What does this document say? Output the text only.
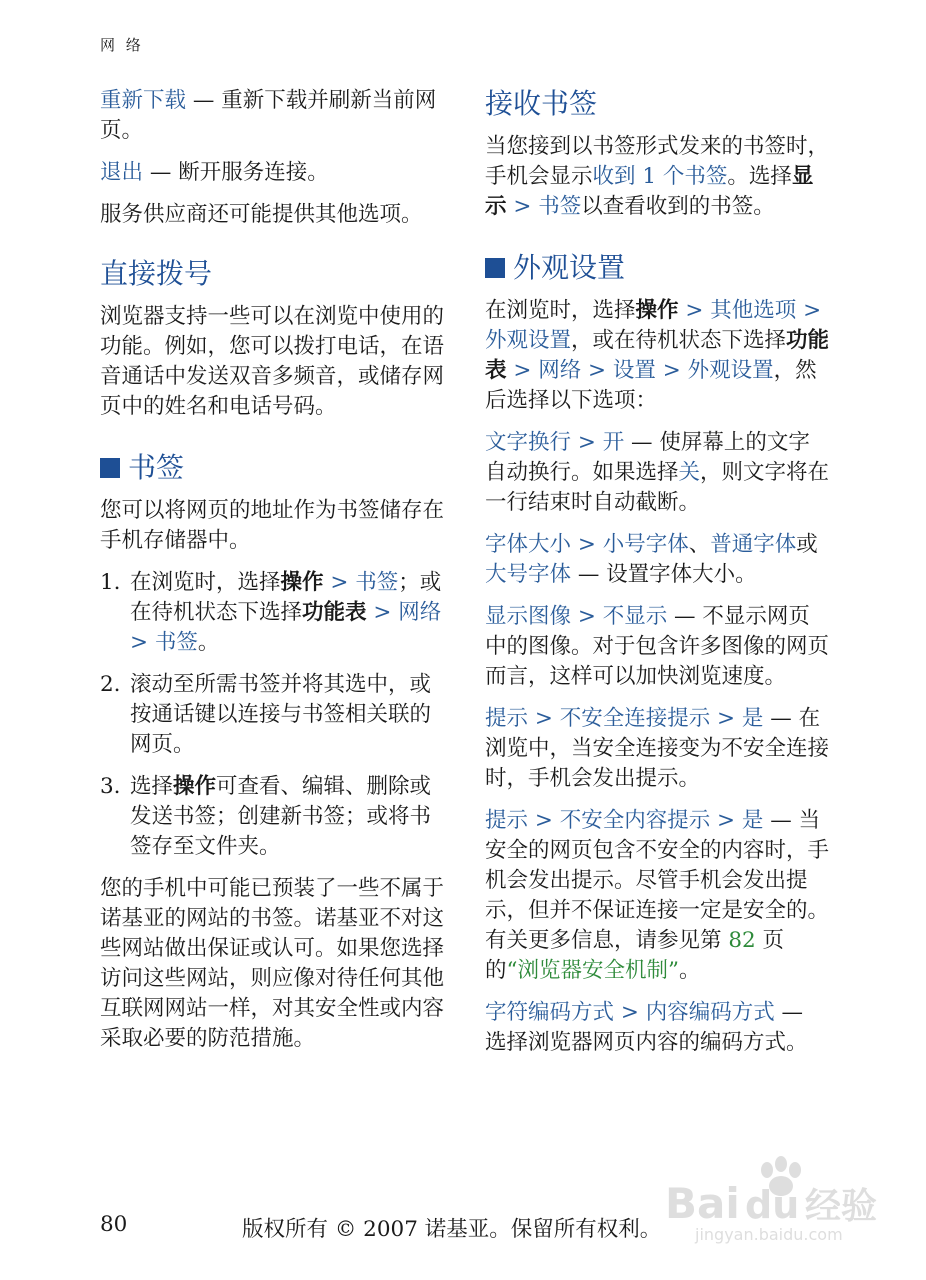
网 络

重新下载 — 重新下载并刷新当前网页。

退出 — 断开服务连接。

服务供应商还可能提供其他选项。

直接拨号

浏览器支持一些可以在浏览中使用的功能。例如，您可以拨打电话，在语音通话中发送双音多频音，或储存网页中的姓名和电话号码。

书签

您可以将网页的地址作为书签储存在手机存储器中。

1. 在浏览时，选择操作 > 书签；或在待机状态下选择功能表 > 网络 > 书签。
2. 滚动至所需书签并将其选中，或按通话键以连接与书签相关联的网页。
3. 选择操作可查看、编辑、删除或发送书签；创建新书签；或将书签存至文件夹。

您的手机中可能已预装了一些不属于诺基亚的网站的书签。诺基亚不对这些网站做出保证或认可。如果您选择访问这些网站，则应像对待任何其他互联网网站一样，对其安全性或内容采取必要的防范措施。

接收书签

当您接到以书签形式发来的书签时，手机会显示收到 1 个书签。选择显示 > 书签以查看收到的书签。

外观设置

在浏览时，选择操作 > 其他选项 > 外观设置，或在待机状态下选择功能表 > 网络 > 设置 > 外观设置，然后选择以下选项：

文字换行 > 开 — 使屏幕上的文字自动换行。如果选择关，则文字将在一行结束时自动截断。

字体大小 > 小号字体、普通字体或大号字体 — 设置字体大小。

显示图像 > 不显示 — 不显示网页中的图像。对于包含许多图像的网页而言，这样可以加快浏览速度。

提示 > 不安全连接提示 > 是 — 在浏览中，当安全连接变为不安全连接时，手机会发出提示。

提示 > 不安全内容提示 > 是 — 当安全的网页包含不安全的内容时，手机会发出提示。尽管手机会发出提示，但并不保证连接一定是安全的。有关更多信息，请参见第 82 页的“浏览器安全机制”。

字符编码方式 > 内容编码方式 — 选择浏览器网页内容的编码方式。

80	版权所有 © 2007 诺基亚。保留所有权利。
Bai 经验
du
jingyan.baidu.com
